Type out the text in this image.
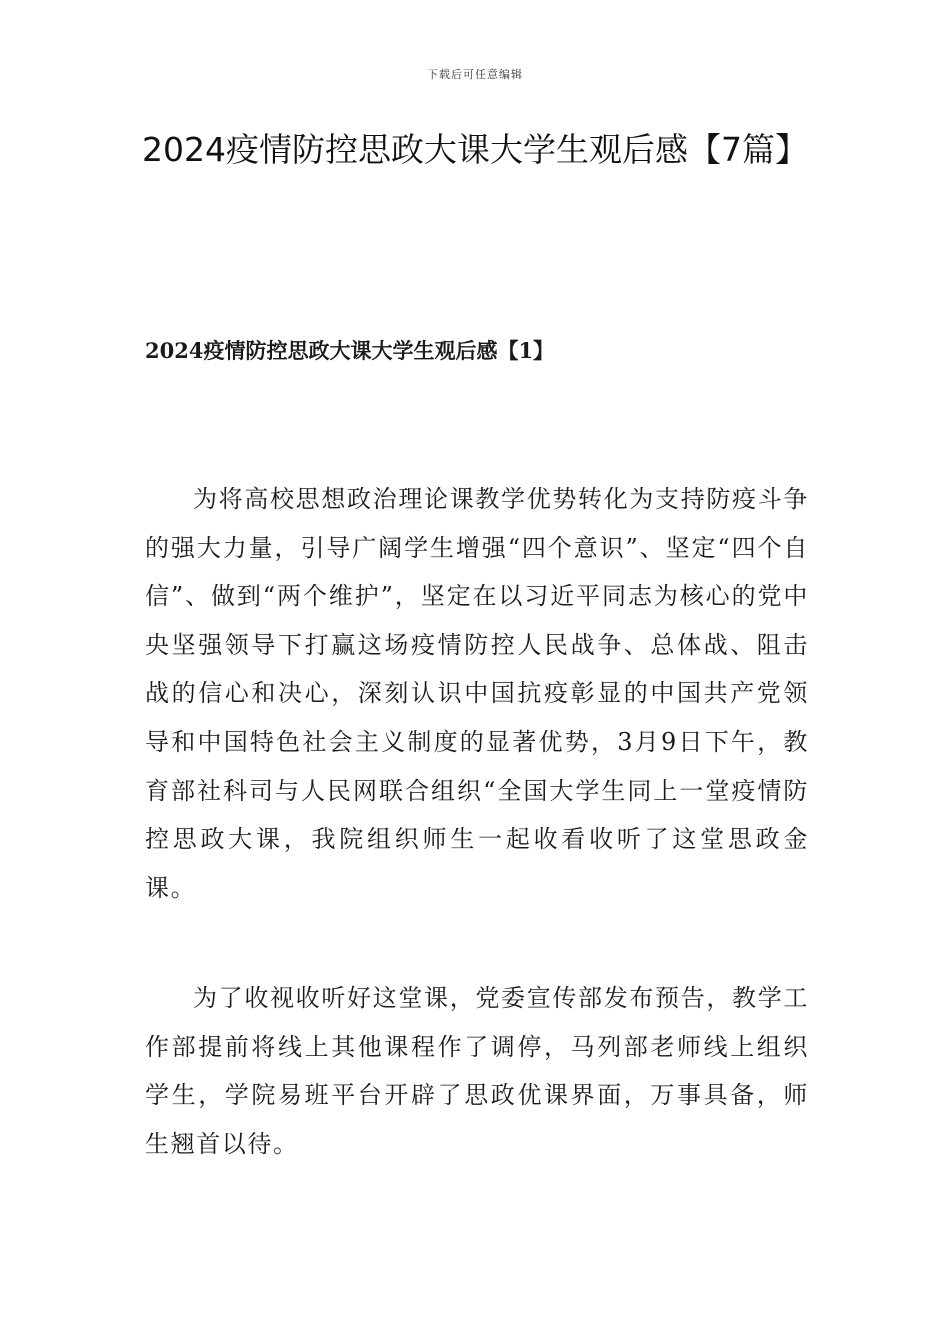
下载后可任意编辑
2024疫情防控思政大课大学生观后感【7篇】
2024疫情防控思政大课大学生观后感【1】

为将高校思想政治理论课教学优势转化为支持防疫斗争的强大力量，引导广阔学生增强“四个意识”、坚定“四个自信”、做到“两个维护”，坚定在以习近平同志为核心的党中央坚强领导下打赢这场疫情防控人民战争、总体战、阻击战的信心和决心，深刻认识中国抗疫彰显的中国共产党领导和中国特色社会主义制度的显著优势，3月9日下午，教育部社科司与人民网联合组织“全国大学生同上一堂疫情防控思政大课，我院组织师生一起收看收听了这堂思政金课。

为了收视收听好这堂课，党委宣传部发布预告，教学工作部提前将线上其他课程作了调停，马列部老师线上组织学生，学院易班平台开辟了思政优课界面，万事具备，师生翘首以待。
